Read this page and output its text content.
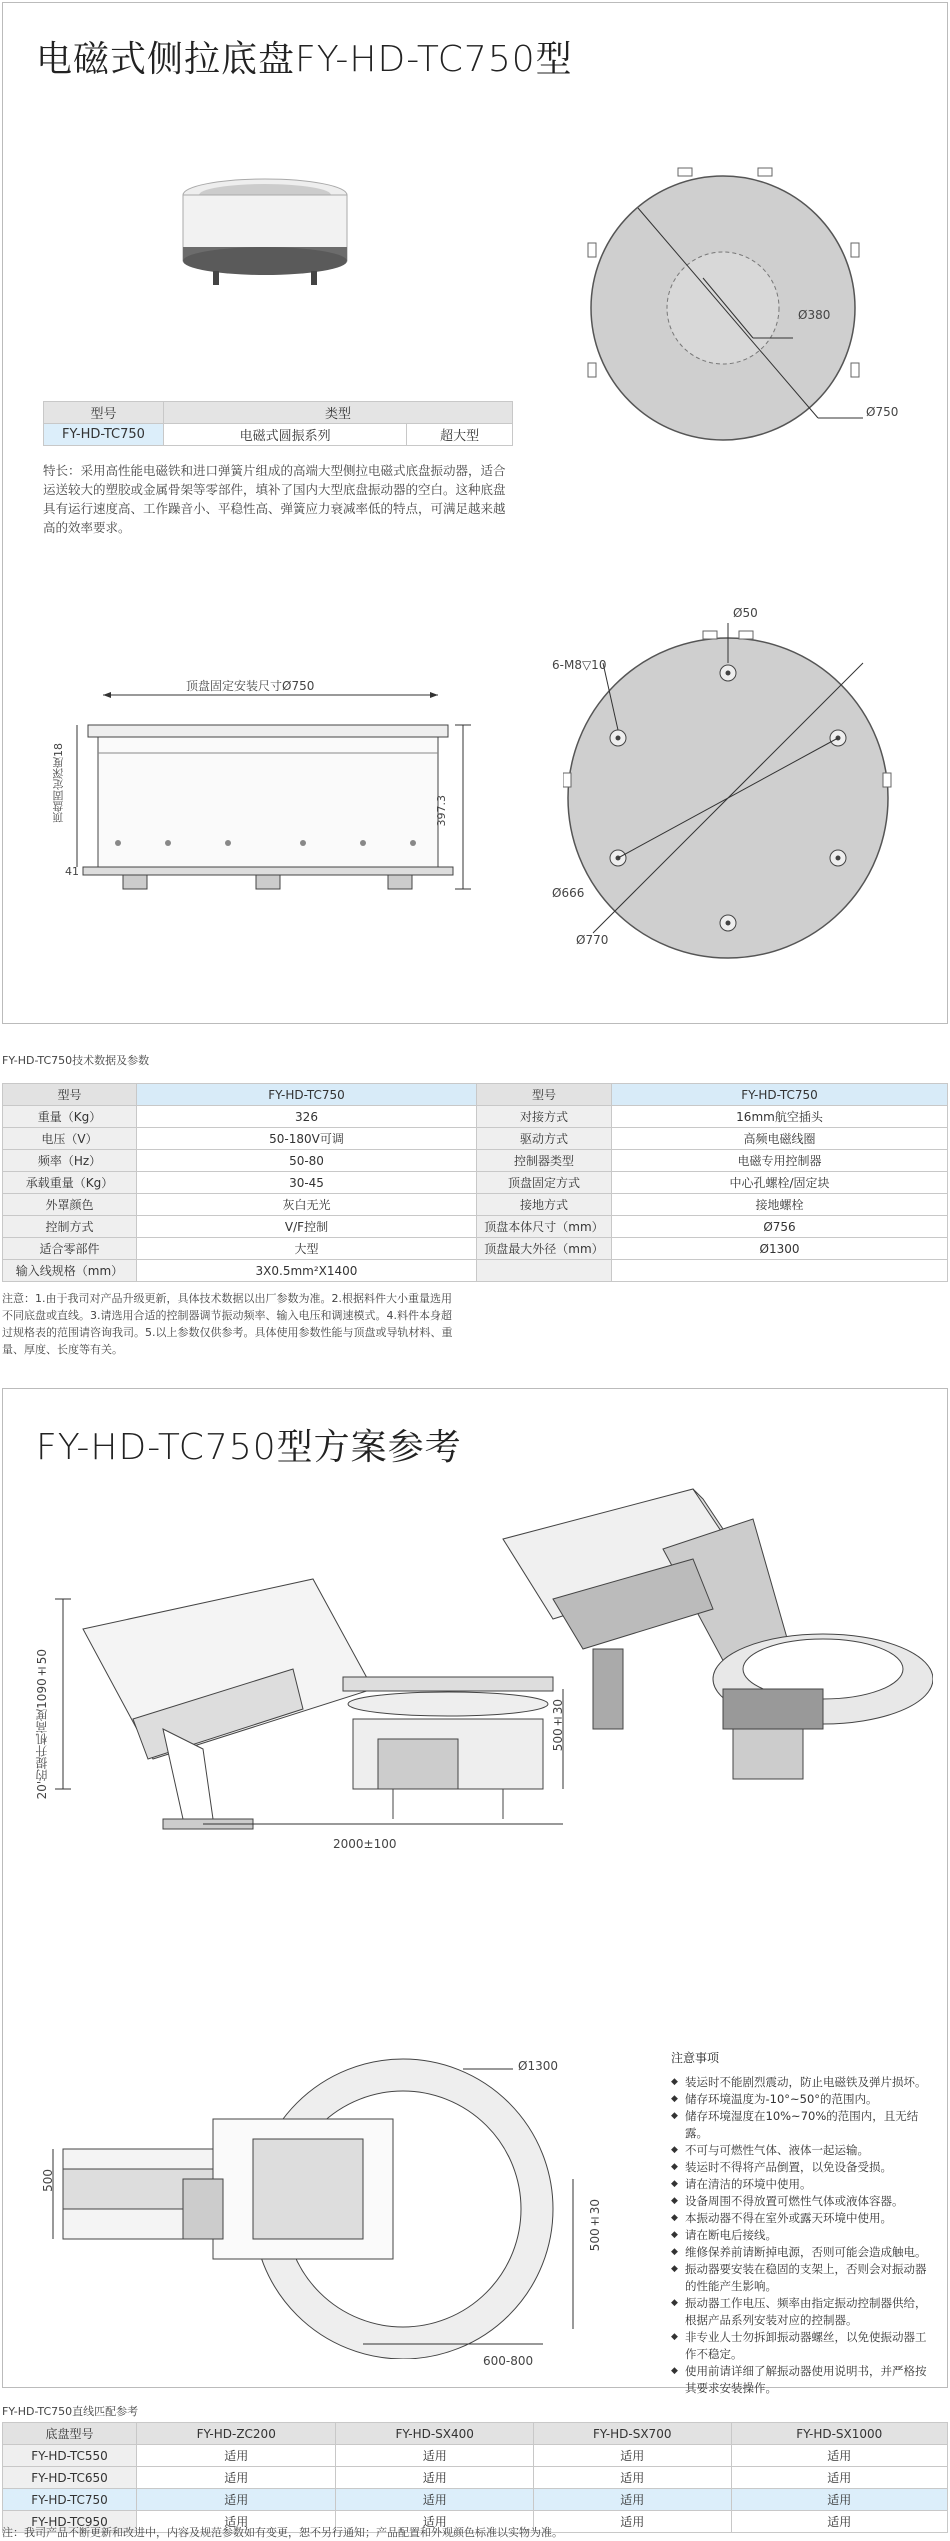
电磁式侧拉底盘FY-HD-TC750型
型号	类型	
FY-HD-TC750	电磁式圆振系列	超大型
特长：采用高性能电磁铁和进口弹簧片组成的高端大型侧拉电磁式底盘振动器，适合运送较大的塑胶或金属骨架等零部件，填补了国内大型底盘振动器的空白。这种底盘具有运行速度高、工作躁音小、平稳性高、弹簧应力衰减率低的特点，可满足越来越高的效率要求。
Ø380
Ø750
顶盘固定安装尺寸Ø750
顶盘固定深度18
41
397.3
Ø50
6-M8▽10
Ø666
Ø770
FY-HD-TC750技术数据及参数
型号	FY-HD-TC750	型号	FY-HD-TC750
重量（Kg）	326	对接方式	16mm航空插头
电压（V）	50-180V可调	驱动方式	高频电磁线圈
频率（Hz）	50-80	控制器类型	电磁专用控制器
承载重量（Kg）	30-45	顶盘固定方式	中心孔螺栓/固定块
外罩颜色	灰白无光	接地方式	接地螺栓
控制方式	V/F控制	顶盘本体尺寸（mm）	Ø756
适合零部件	大型	顶盘最大外径（mm）	Ø1300
输入线规格（mm）	3X0.5mm²X1400		
注意：1.由于我司对产品升级更新，具体技术数据以出厂参数为准。2.根据料件大小重量选用不同底盘或直线。3.请选用合适的控制器调节振动频率、输入电压和调速模式。4.料件本身超过规格表的范围请咨询我司。5.以上参数仅供参考。具体使用参数性能与顶盘或导轨材料、重量、厚度、长度等有关。
FY-HD-TC750型方案参考
20'的提升机高度1090±50	500±30
2000±100
Ø1300
500
500±30
600-800
注意事项
◆ 装运时不能剧烈震动，防止电磁铁及弹片损坏。
◆ 储存环境温度为-10°~50°的范围内。
◆ 储存环境湿度在10%~70%的范围内，且无结露。
◆ 不可与可燃性气体、液体一起运输。
◆ 装运时不得将产品倒置，以免设备受损。
◆ 请在清洁的环境中使用。
◆ 设备周围不得放置可燃性气体或液体容器。
◆ 本振动器不得在室外或露天环境中使用。
◆ 请在断电后接线。
◆ 维修保养前请断掉电源，否则可能会造成触电。
◆ 振动器要安装在稳固的支架上，否则会对振动器的性能产生影响。
◆ 振动器工作电压、频率由指定振动控制器供给，根据产品系列安装对应的控制器。
◆ 非专业人士勿拆卸振动器螺丝，以免使振动器工作不稳定。
◆ 使用前请详细了解振动器使用说明书，并严格按其要求安装操作。
FY-HD-TC750直线匹配参考
底盘型号	FY-HD-ZC200	FY-HD-SX400	FY-HD-SX700	FY-HD-SX1000
FY-HD-TC550	适用	适用	适用	适用
FY-HD-TC650	适用	适用	适用	适用
FY-HD-TC750	适用	适用	适用	适用
FY-HD-TC950	适用	适用	适用	适用
注：我司产品不断更新和改进中，内容及规范参数如有变更，恕不另行通知；产品配置和外观颜色标准以实物为准。
